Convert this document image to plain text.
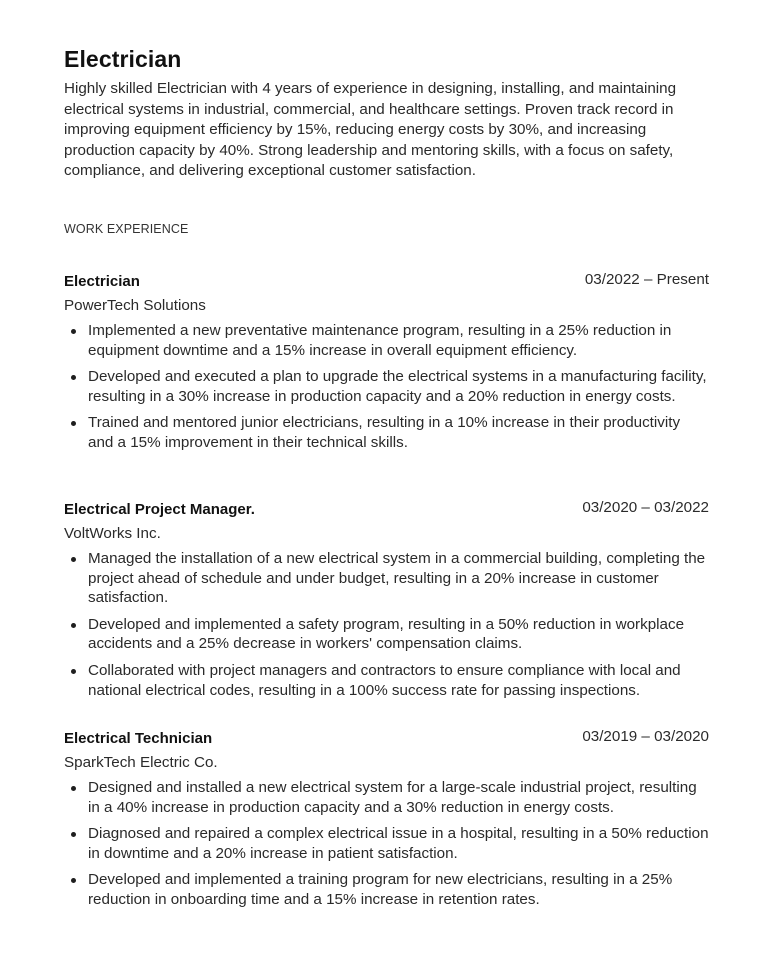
Electrician

Highly skilled Electrician with 4 years of experience in designing, installing, and maintaining electrical systems in industrial, commercial, and healthcare settings. Proven track record in improving equipment efficiency by 15%, reducing energy costs by 30%, and increasing production capacity by 40%. Strong leadership and mentoring skills, with a focus on safety, compliance, and delivering exceptional customer satisfaction.

WORK EXPERIENCE
Electrician	03/2022 – Present
PowerTech Solutions
Implemented a new preventative maintenance program, resulting in a 25% reduction in equipment downtime and a 15% increase in overall equipment efficiency.
Developed and executed a plan to upgrade the electrical systems in a manufacturing facility, resulting in a 30% increase in production capacity and a 20% reduction in energy costs.
Trained and mentored junior electricians, resulting in a 10% increase in their productivity and a 15% improvement in their technical skills.
Electrical Project Manager.	03/2020 – 03/2022
VoltWorks Inc.
Managed the installation of a new electrical system in a commercial building, completing the project ahead of schedule and under budget, resulting in a 20% increase in customer satisfaction.
Developed and implemented a safety program, resulting in a 50% reduction in workplace accidents and a 25% decrease in workers' compensation claims.
Collaborated with project managers and contractors to ensure compliance with local and national electrical codes, resulting in a 100% success rate for passing inspections.
Electrical Technician	03/2019 – 03/2020
SparkTech Electric Co.
Designed and installed a new electrical system for a large-scale industrial project, resulting in a 40% increase in production capacity and a 30% reduction in energy costs.
Diagnosed and repaired a complex electrical issue in a hospital, resulting in a 50% reduction in downtime and a 20% increase in patient satisfaction.
Developed and implemented a training program for new electricians, resulting in a 25% reduction in onboarding time and a 15% increase in retention rates.
